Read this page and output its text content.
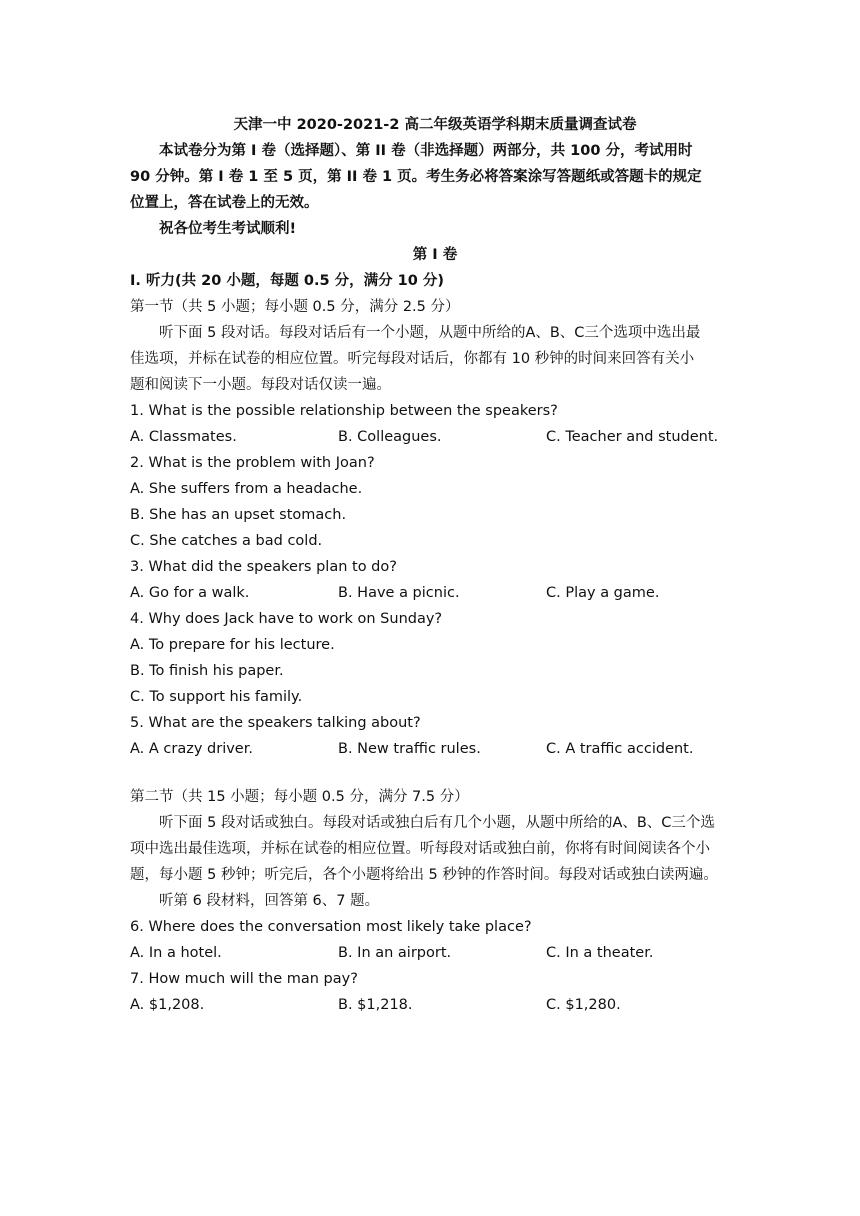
天津一中 2020-2021-2 高二年级英语学科期末质量调查试卷
本试卷分为第 I 卷（选择题）、第 II 卷（非选择题）两部分，共 100 分，考试用时
90 分钟。第 I 卷 1 至 5 页，第 II 卷 1 页。考生务必将答案涂写答题纸或答题卡的规定
位置上，答在试卷上的无效。
祝各位考生考试顺利!
第 I 卷
I. 听力(共 20 小题，每题 0.5 分，满分 10 分)
第一节（共 5 小题；每小题 0.5 分，满分 2.5 分）
听下面 5 段对话。每段对话后有一个小题，从题中所给的A、B、C三个选项中选出最
佳选项，并标在试卷的相应位置。听完每段对话后，你都有 10 秒钟的时间来回答有关小
题和阅读下一小题。每段对话仅读一遍。
1. What is the possible relationship between the speakers?
A. Classmates.	B. Colleagues.	C. Teacher and student.
2. What is the problem with Joan?
A. She suffers from a headache.
B. She has an upset stomach.
C. She catches a bad cold.
3. What did the speakers plan to do?
A. Go for a walk.	B. Have a picnic.	C. Play a game.
4. Why does Jack have to work on Sunday?
A. To prepare for his lecture.
B. To finish his paper.
C. To support his family.
5. What are the speakers talking about?
A. A crazy driver.	B. New traffic rules.	C. A traffic accident.
第二节（共 15 小题；每小题 0.5 分，满分 7.5 分）
听下面 5 段对话或独白。每段对话或独白后有几个小题，从题中所给的A、B、C三个选
项中选出最佳选项，并标在试卷的相应位置。听每段对话或独白前，你将有时间阅读各个小
题，每小题 5 秒钟；听完后，各个小题将给出 5 秒钟的作答时间。每段对话或独白读两遍。
听第 6 段材料，回答第 6、7 题。
6. Where does the conversation most likely take place?
A. In a hotel.	B. In an airport.	C. In a theater.
7. How much will the man pay?
A. $1,208.	B. $1,218.	C. $1,280.
